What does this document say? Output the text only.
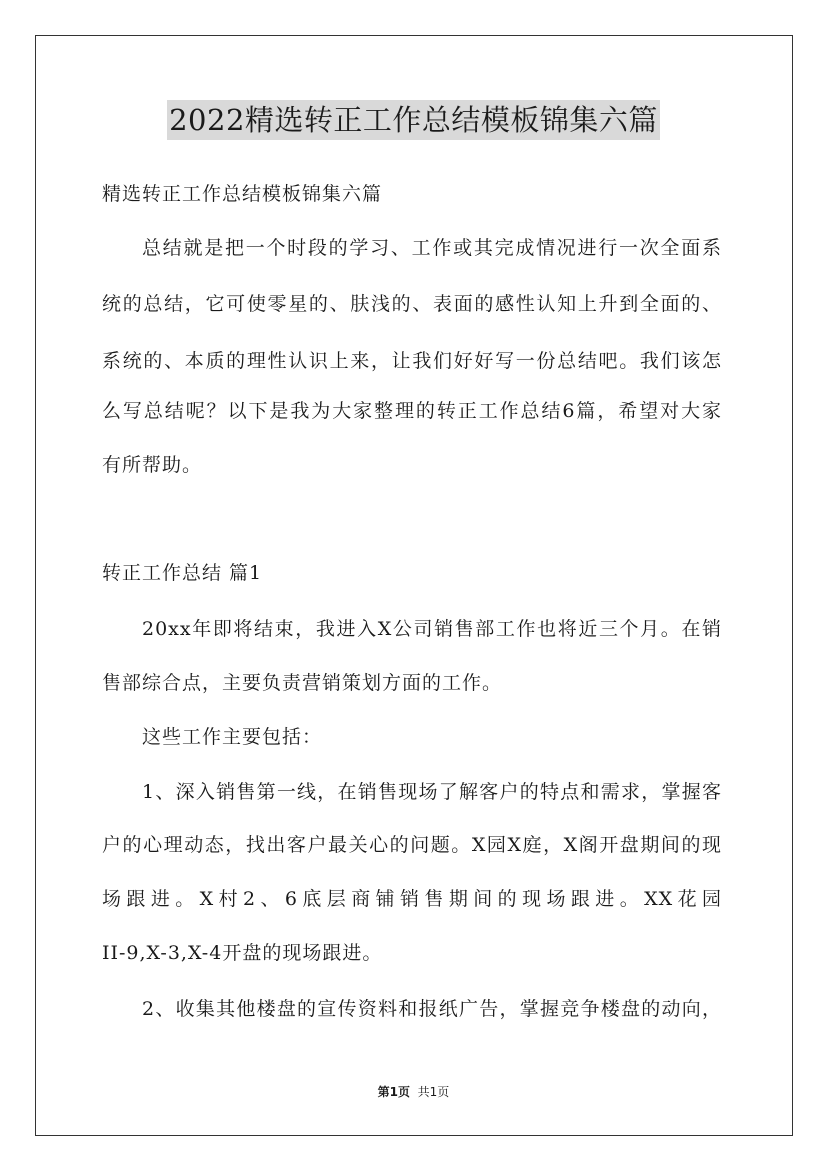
2022精选转正工作总结模板锦集六篇
精选转正工作总结模板锦集六篇
总结就是把一个时段的学习、工作或其完成情况进行一次全面系
统的总结，它可使零星的、肤浅的、表面的感性认知上升到全面的、
系统的、本质的理性认识上来，让我们好好写一份总结吧。我们该怎
么写总结呢？以下是我为大家整理的转正工作总结6篇，希望对大家
有所帮助。
转正工作总结 篇1
20xx年即将结束，我进入X公司销售部工作也将近三个月。在销
售部综合点，主要负责营销策划方面的工作。
这些工作主要包括：
1、深入销售第一线，在销售现场了解客户的特点和需求，掌握客
户的心理动态，找出客户最关心的问题。X园X庭，X阁开盘期间的现
场跟进。X村2、6底层商铺销售期间的现场跟进。XX花园
II-9,X-3,X-4开盘的现场跟进。
2、收集其他楼盘的宣传资料和报纸广告，掌握竞争楼盘的动向，
第1页 共1页
